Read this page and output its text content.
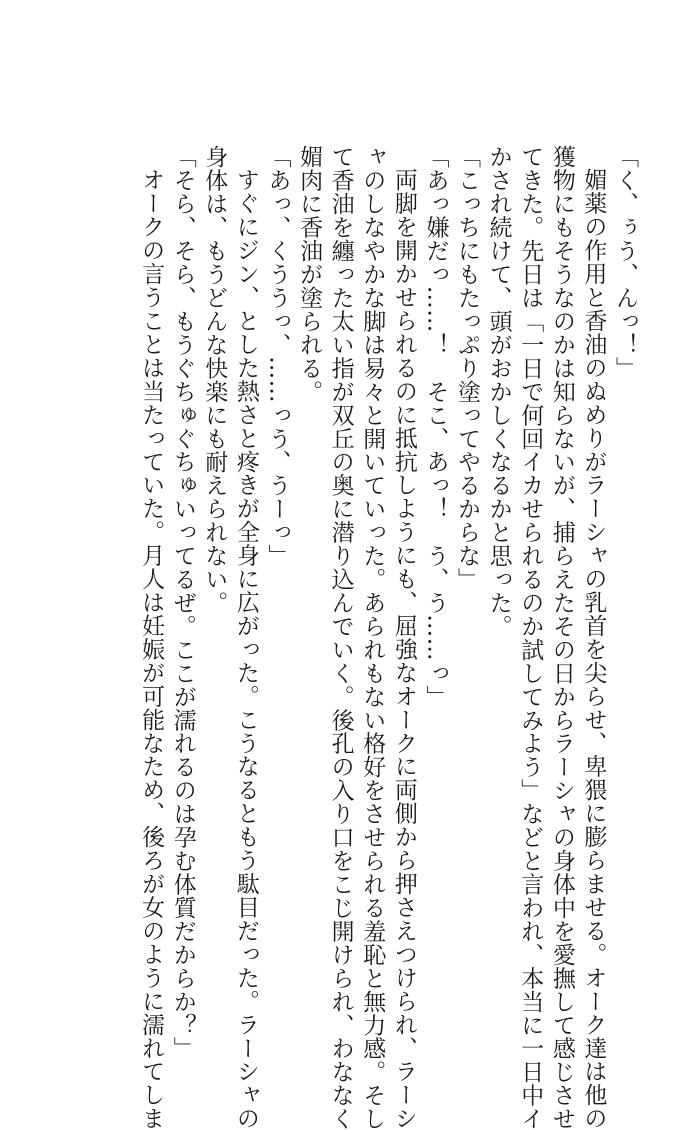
「く、ぅう、んっ！」
媚薬の作用と香油のぬめりがラーシャの乳首を尖らせ、卑猥に膨らませる。オーク達は他の
獲物にもそうなのかは知らないが、捕らえたその日からラーシャの身体中を愛撫して感じさせ
てきた。先日は「一日で何回イカせられるのか試してみよう」などと言われ、本当に一日中イ
かされ続けて、頭がおかしくなるかと思った。
「こっちにもたっぷり塗ってやるからな」
「あっ嫌だっ……！　そこ、あっ！　う、う……っ」
両脚を開かせられるのに抵抗しようにも、屈強なオークに両側から押さえつけられ、ラーシ
ャのしなやかな脚は易々と開いていった。あられもない格好をさせられる羞恥と無力感。そし
て香油を纏った太い指が双丘の奥に潜り込んでいく。後孔の入り口をこじ開けられ、わななく
媚肉に香油が塗られる。
「あっ、くううっ、……っう、うーっ」
すぐにジン、とした熱さと疼きが全身に広がった。こうなるともう駄目だった。ラーシャの
身体は、もうどんな快楽にも耐えられない。
「そら、そら、もうぐちゅぐちゅいってるぜ。ここが濡れるのは孕む体質だからか？」
オークの言うことは当たっていた。月人は妊娠が可能なため、後ろが女のように濡れてしま
